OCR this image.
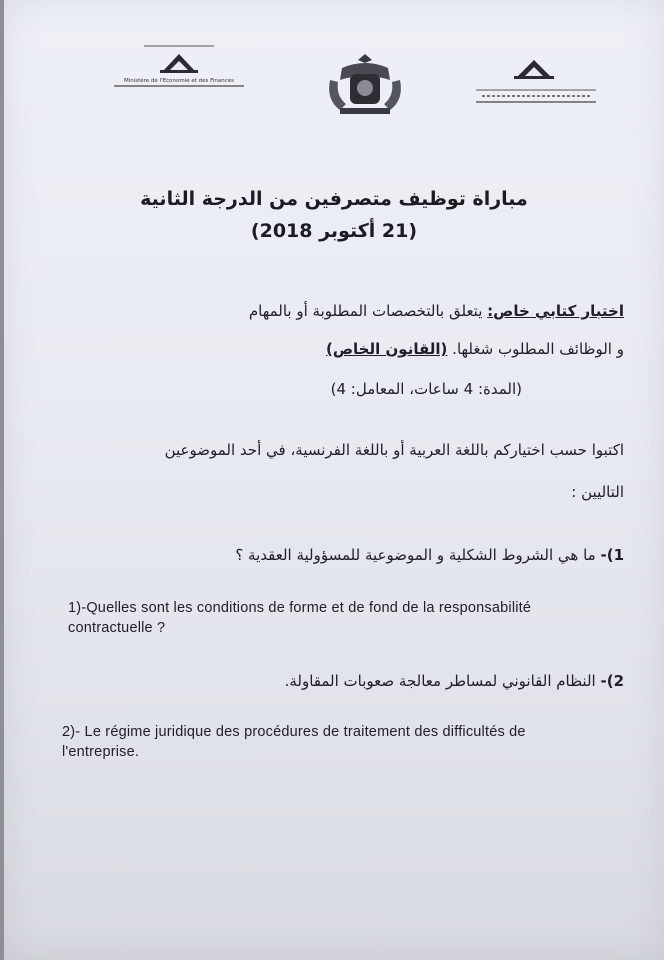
Ministère de l'Economie et des Finances
مباراة توظيف متصرفين من الدرجة الثانية
(21 أكتوبر 2018)
اختبار كتابي خاص: يتعلق بالتخصصات المطلوبة أو بالمهام
و الوظائف المطلوب شغلها. (القانون الخاص)
(المدة: 4 ساعات، المعامل: 4)
اكتبوا حسب اختياركم باللغة العربية أو باللغة الفرنسية، في أحد الموضوعين
التاليين :
1)- ما هي الشروط الشكلية و الموضوعية للمسؤولية العقدية ؟
1)-Quelles sont les conditions de forme et de fond de la responsabilité
contractuelle ?
2)- النظام القانوني لمساطر معالجة صعوبات المقاولة.
2)- Le régime juridique des procédures de traitement des difficultés de
l'entreprise.
